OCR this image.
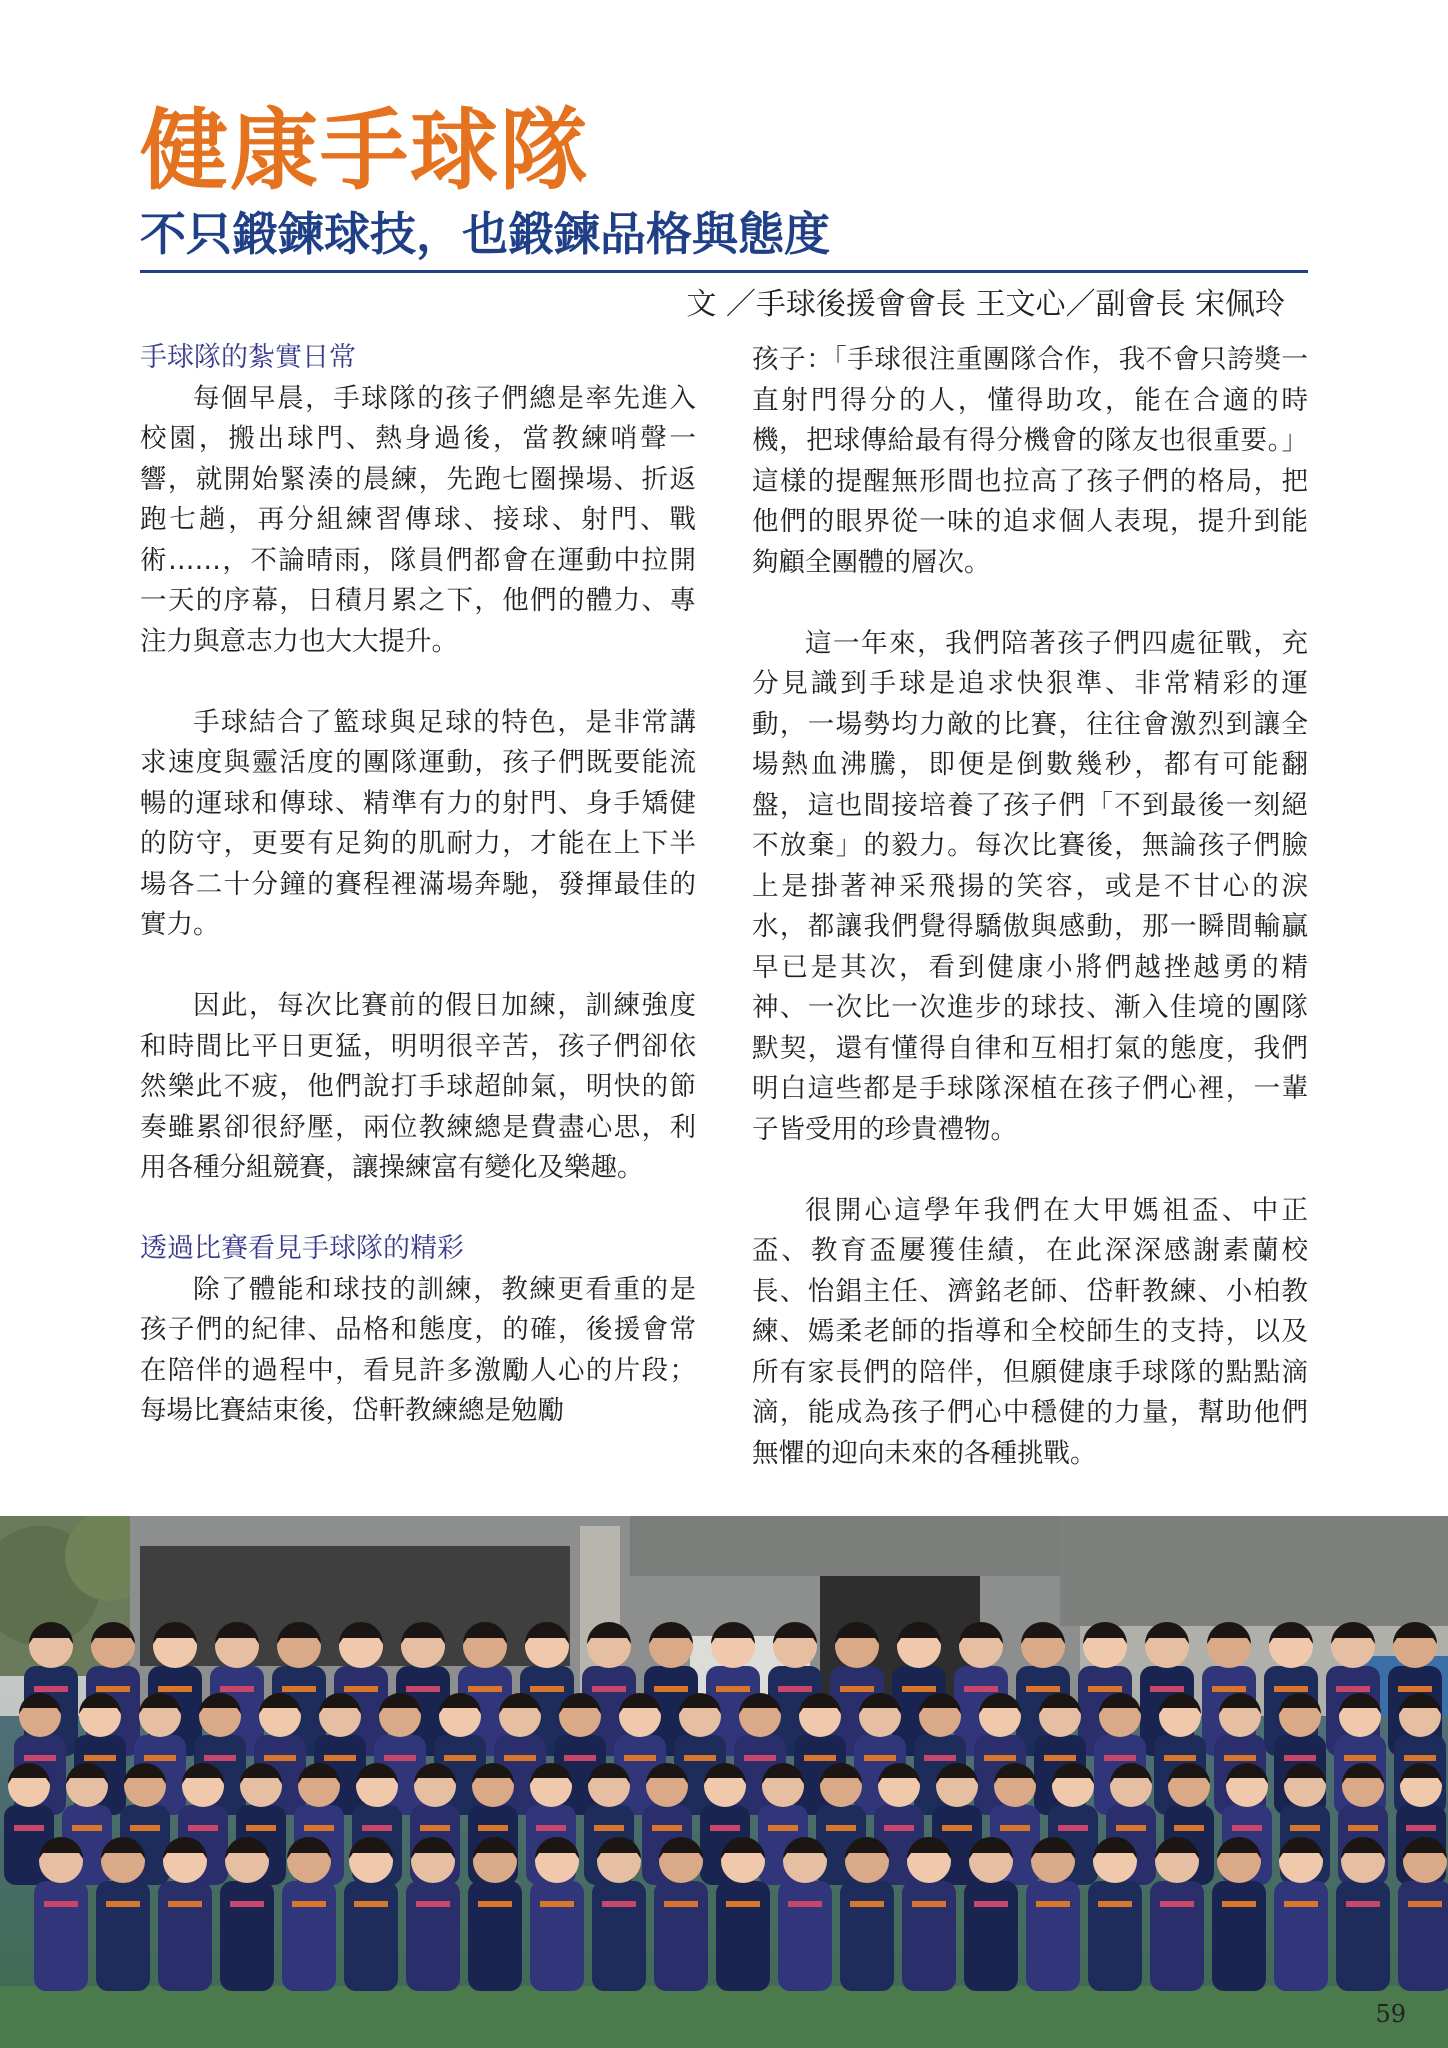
健康手球隊
不只鍛鍊球技，也鍛鍊品格與態度
文 ／手球後援會會長 王文心／副會長 宋佩玲
手球隊的紮實日常

每個早晨，手球隊的孩子們總是率先進入校園，搬出球門、熱身過後，當教練哨聲一響，就開始緊湊的晨練，先跑七圈操場、折返跑七趟，再分組練習傳球、接球、射門、戰術……，不論晴雨，隊員們都會在運動中拉開一天的序幕，日積月累之下，他們的體力、專注力與意志力也大大提升。

手球結合了籃球與足球的特色，是非常講求速度與靈活度的團隊運動，孩子們既要能流暢的運球和傳球、精準有力的射門、身手矯健的防守，更要有足夠的肌耐力，才能在上下半場各二十分鐘的賽程裡滿場奔馳，發揮最佳的實力。

因此，每次比賽前的假日加練，訓練強度和時間比平日更猛，明明很辛苦，孩子們卻依然樂此不疲，他們說打手球超帥氣，明快的節奏雖累卻很紓壓，兩位教練總是費盡心思，利用各種分組競賽，讓操練富有變化及樂趣。

透過比賽看見手球隊的精彩

除了體能和球技的訓練，教練更看重的是孩子們的紀律、品格和態度，的確，後援會常在陪伴的過程中，看見許多激勵人心的片段；每場比賽結束後，岱軒教練總是勉勵

孩子：「手球很注重團隊合作，我不會只誇獎一直射門得分的人，懂得助攻，能在合適的時機，把球傳給最有得分機會的隊友也很重要。」這樣的提醒無形間也拉高了孩子們的格局，把他們的眼界從一味的追求個人表現，提升到能夠顧全團體的層次。

這一年來，我們陪著孩子們四處征戰，充分見識到手球是追求快狠準、非常精彩的運動，一場勢均力敵的比賽，往往會激烈到讓全場熱血沸騰，即便是倒數幾秒，都有可能翻盤，這也間接培養了孩子們「不到最後一刻絕不放棄」的毅力。每次比賽後，無論孩子們臉上是掛著神采飛揚的笑容，或是不甘心的淚水，都讓我們覺得驕傲與感動，那一瞬間輸贏早已是其次，看到健康小將們越挫越勇的精神、一次比一次進步的球技、漸入佳境的團隊默契，還有懂得自律和互相打氣的態度，我們明白這些都是手球隊深植在孩子們心裡，一輩子皆受用的珍貴禮物。

很開心這學年我們在大甲媽祖盃、中正盃、教育盃屢獲佳績，在此深深感謝素蘭校長、怡錩主任、濟銘老師、岱軒教練、小柏教練、嫣柔老師的指導和全校師生的支持，以及所有家長們的陪伴，但願健康手球隊的點點滴滴，能成為孩子們心中穩健的力量，幫助他們無懼的迎向未來的各種挑戰。

59
